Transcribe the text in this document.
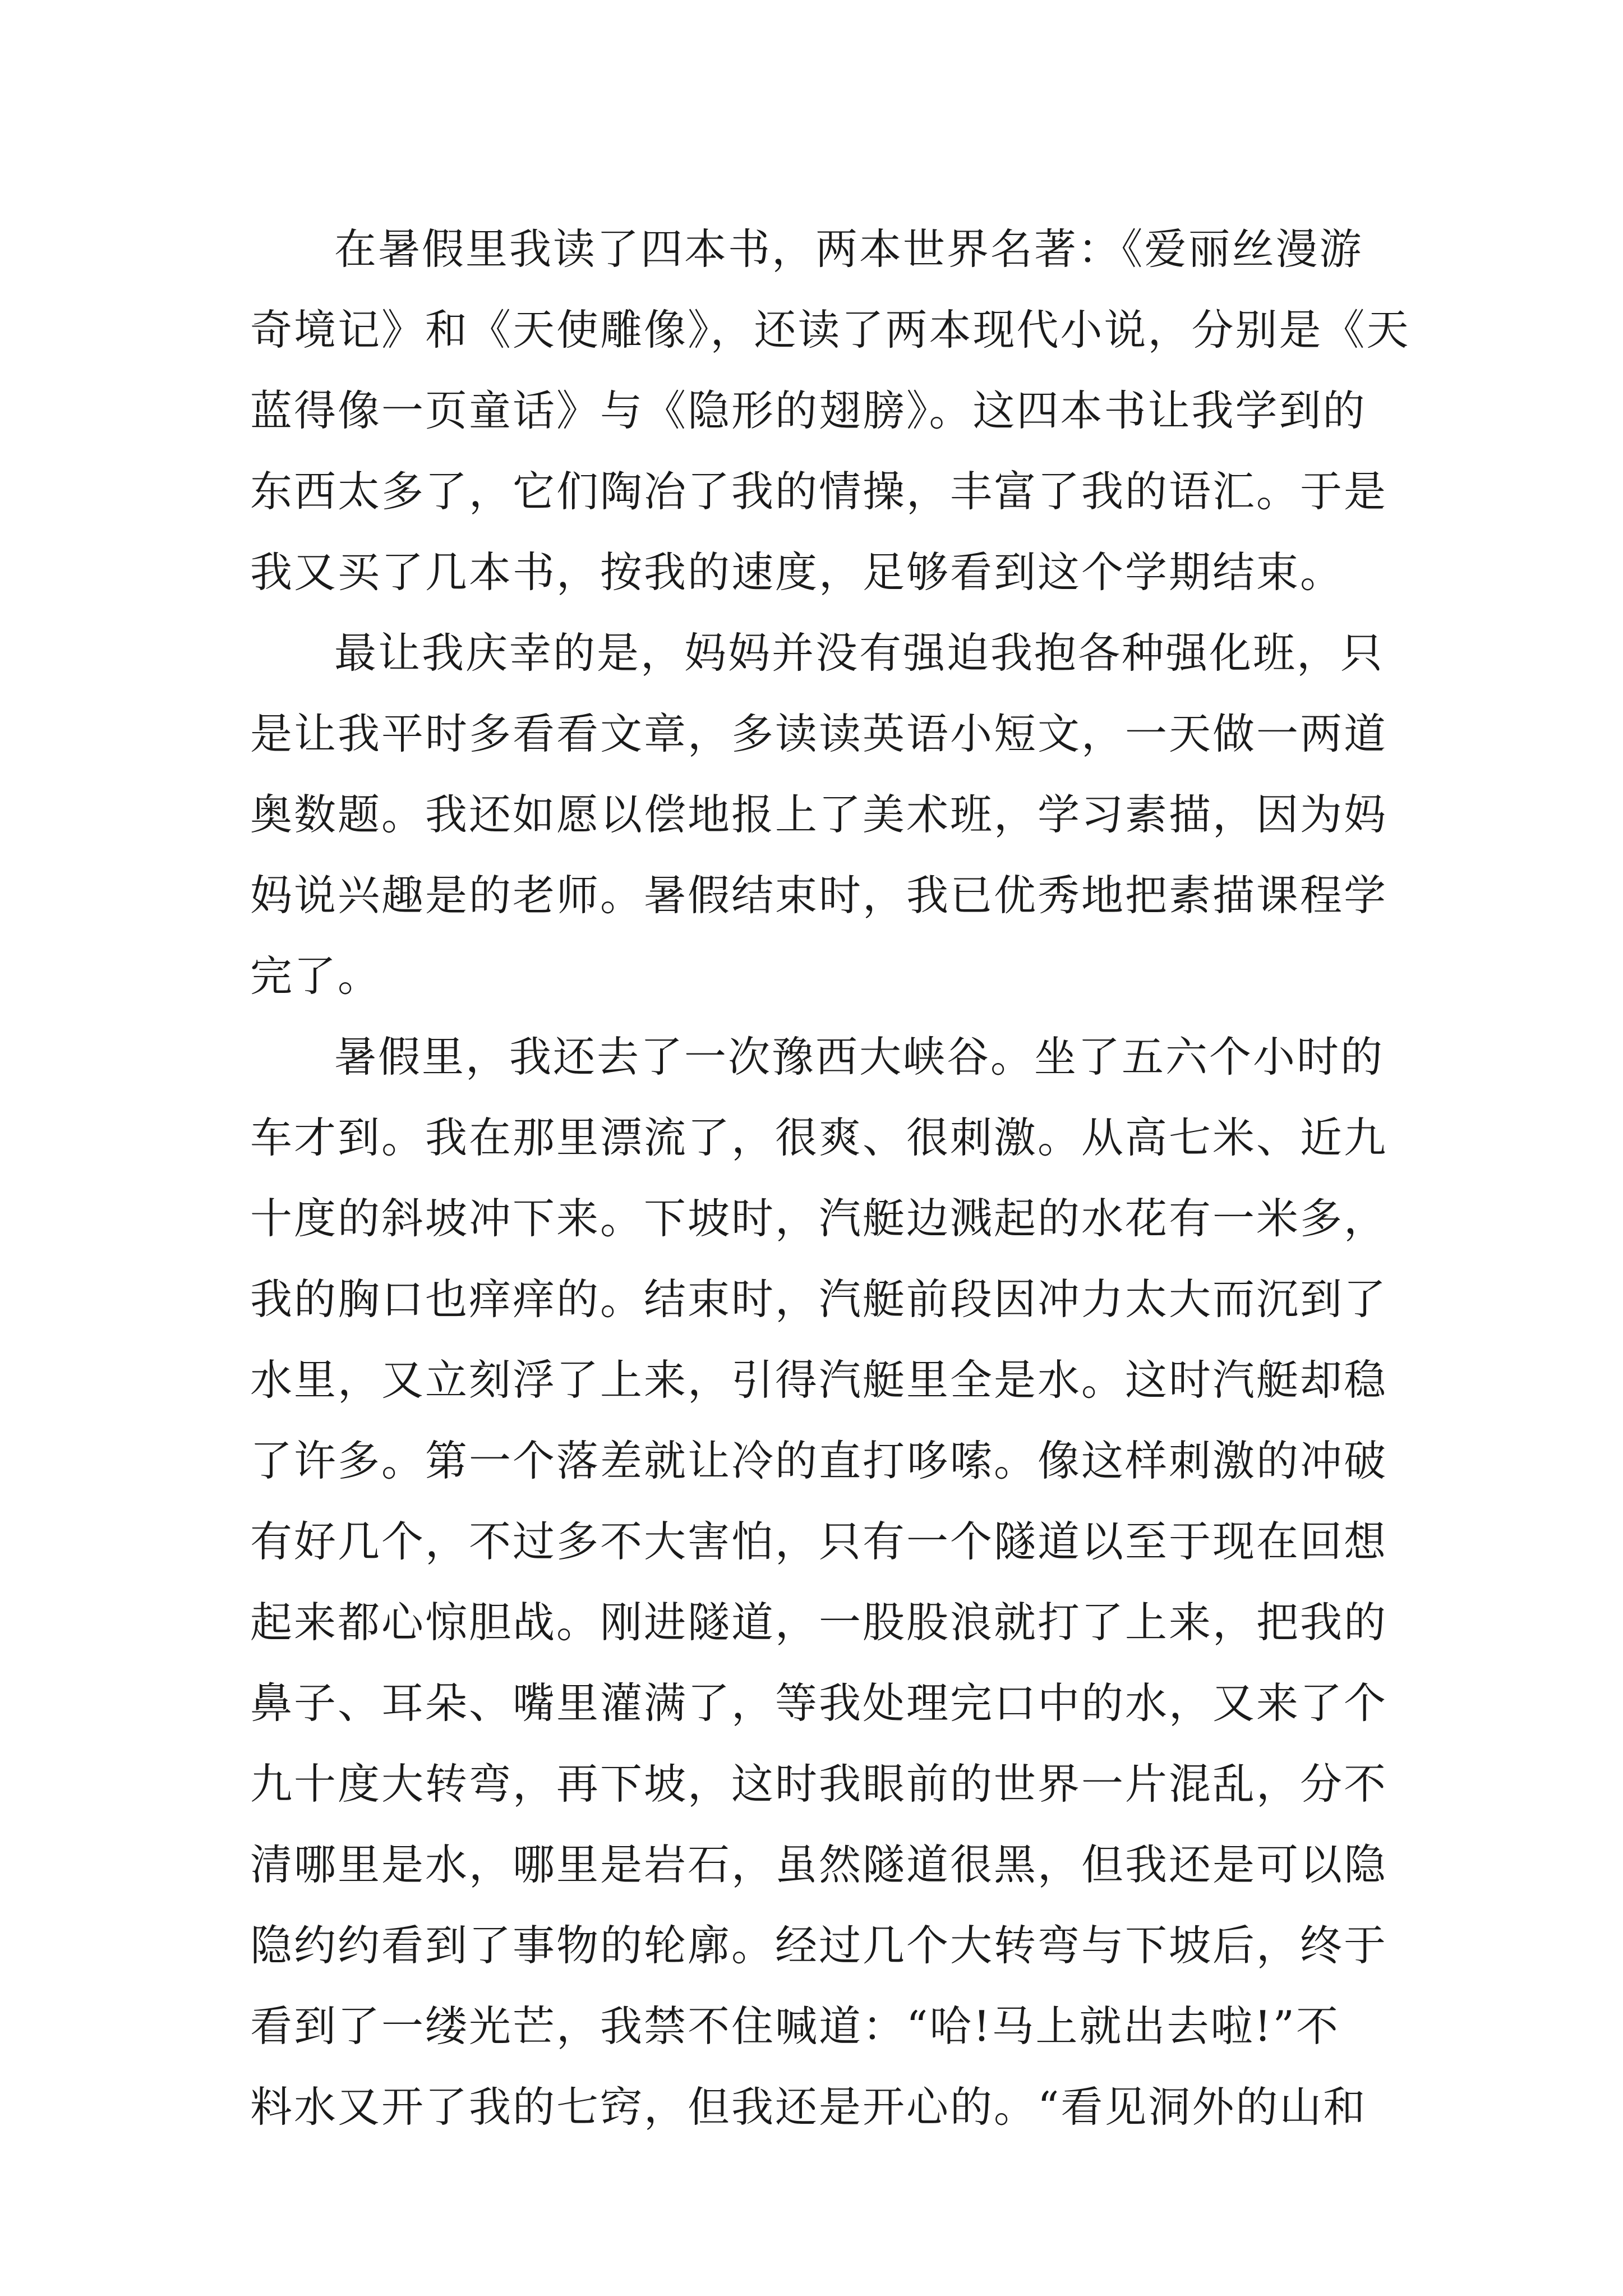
在暑假里我读了四本书，两本世界名著：《爱丽丝漫游
奇境记》和《天使雕像》，还读了两本现代小说，分别是《天
蓝得像一页童话》与《隐形的翅膀》。这四本书让我学到的
东西太多了，它们陶冶了我的情操，丰富了我的语汇。于是
我又买了几本书，按我的速度，足够看到这个学期结束。
最让我庆幸的是，妈妈并没有强迫我抱各种强化班，只
是让我平时多看看文章，多读读英语小短文，一天做一两道
奥数题。我还如愿以偿地报上了美术班，学习素描，因为妈
妈说兴趣是的老师。暑假结束时，我已优秀地把素描课程学
完了。
暑假里，我还去了一次豫西大峡谷。坐了五六个小时的
车才到。我在那里漂流了，很爽、很刺激。从高七米、近九
十度的斜坡冲下来。下坡时，汽艇边溅起的水花有一米多，
我的胸口也痒痒的。结束时，汽艇前段因冲力太大而沉到了
水里，又立刻浮了上来，引得汽艇里全是水。这时汽艇却稳
了许多。第一个落差就让冷的直打哆嗦。像这样刺激的冲破
有好几个，不过多不大害怕，只有一个隧道以至于现在回想
起来都心惊胆战。刚进隧道，一股股浪就打了上来，把我的
鼻子、耳朵、嘴里灌满了，等我处理完口中的水，又来了个
九十度大转弯，再下坡，这时我眼前的世界一片混乱，分不
清哪里是水，哪里是岩石，虽然隧道很黑，但我还是可以隐
隐约约看到了事物的轮廓。经过几个大转弯与下坡后，终于
看到了一缕光芒，我禁不住喊道：“哈!马上就出去啦!”不
料水又开了我的七窍，但我还是开心的。“看见洞外的山和
